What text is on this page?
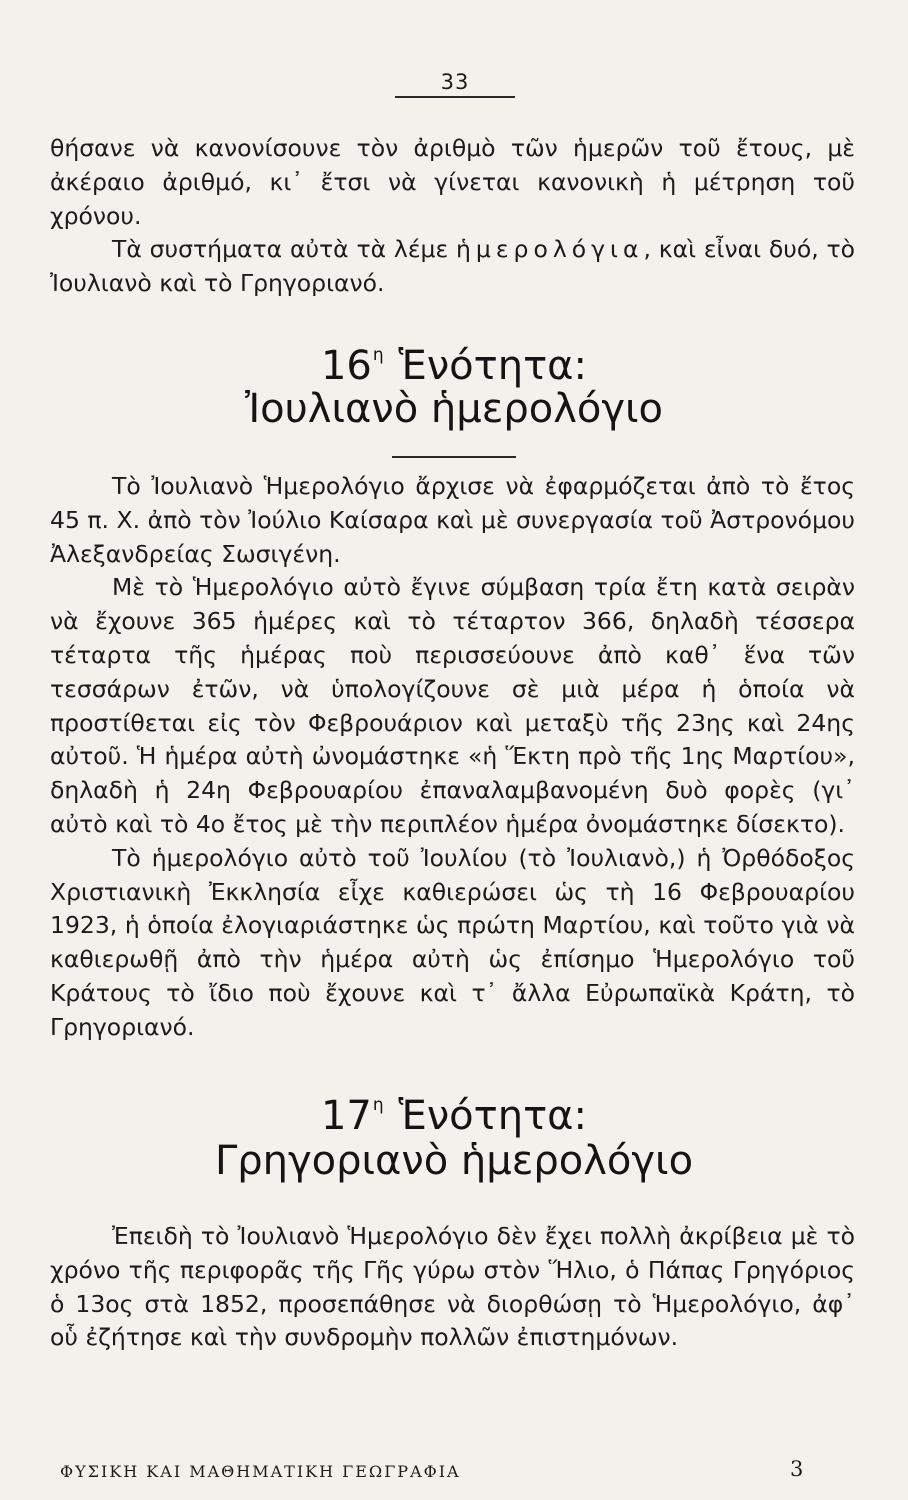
33

θήσανε νὰ κανονίσουνε τὸν ἀριθμὸ τῶν ἡμερῶν τοῦ ἔτους, μὲ ἀκέραιο ἀριθμό, κι᾿ ἔτσι νὰ γίνεται κανονικὴ ἡ μέτρηση τοῦ χρόνου.

Τὰ συστήματα αὐτὰ τὰ λέμε ἡμερολόγια, καὶ εἶναι δυό, τὸ Ἰουλιανὸ καὶ τὸ Γρηγοριανό.

$16^\eta$ Ἑνότητα:
Ἰουλιανὸ ἡμερολόγιο

Τὸ Ἰουλιανὸ Ἡμερολόγιο ἄρχισε νὰ ἐφαρμόζεται ἀπὸ τὸ ἔτος 45 π. Χ. ἀπὸ τὸν Ἰούλιο Καίσαρα καὶ μὲ συνεργασία τοῦ Ἀστρονόμου Ἀλεξανδρείας Σωσιγένη.

Μὲ τὸ Ἡμερολόγιο αὐτὸ ἔγινε σύμβαση τρία ἔτη κατὰ σειρὰν νὰ ἔχουνε 365 ἡμέρες καὶ τὸ τέταρτον 366, δηλαδὴ τέσσερα τέταρτα τῆς ἡμέρας ποὺ περισσεύουνε ἀπὸ καθ᾿ ἕνα τῶν τεσσάρων ἐτῶν, νὰ ὑπολογίζουνε σὲ μιὰ μέρα ἡ ὁποία νὰ προστίθεται εἰς τὸν Φεβρουάριον καὶ μεταξὺ τῆς 23ης καὶ 24ης αὐτοῦ. Ἡ ἡμέρα αὐτὴ ὠνομάστηκε «ἡ Ἕκτη πρὸ τῆς 1ης Μαρτίου», δηλαδὴ ἡ 24η Φεβρουαρίου ἐπαναλαμβανομένη δυὸ φορὲς (γι᾿ αὐτὸ καὶ τὸ 4ο ἔτος μὲ τὴν περιπλέον ἡμέρα ὀνομάστηκε δίσεκτο).

Τὸ ἡμερολόγιο αὐτὸ τοῦ Ἰουλίου (τὸ Ἰουλιανὸ,) ἡ Ὀρθόδοξος Χριστιανικὴ Ἐκκλησία εἶχε καθιερώσει ὡς τὴ 16 Φεβρουαρίου 1923, ἡ ὁποία ἐλογιαριάστηκε ὡς πρώτη Μαρτίου, καὶ τοῦτο γιὰ νὰ καθιερωθῇ ἀπὸ τὴν ἡμέρα αὐτὴ ὡς ἐπίσημο Ἡμερολόγιο τοῦ Κράτους τὸ ἴδιο ποὺ ἔχουνε καὶ τ᾿ ἄλλα Εὐρωπαϊκὰ Κράτη, τὸ Γρηγοριανό.

$17^\eta$ Ἑνότητα:
Γρηγοριανὸ ἡμερολόγιο

Ἐπειδὴ τὸ Ἰουλιανὸ Ἡμερολόγιο δὲν ἔχει πολλὴ ἀκρίβεια μὲ τὸ χρόνο τῆς περιφορᾶς τῆς Γῆς γύρω στὸν Ἥλιο, ὁ Πάπας Γρηγόριος ὁ 13ος στὰ 1852, προσεπάθησε νὰ διορθώσῃ τὸ Ἡμερολόγιο, ἀφ᾿ οὗ ἐζήτησε καὶ τὴν συνδρομὴν πολλῶν ἐπιστημόνων.

ΦΥΣΙΚΗ ΚΑΙ ΜΑΘΗΜΑΤΙΚΗ ΓΕΩΓΡΑΦΙΑ	3
